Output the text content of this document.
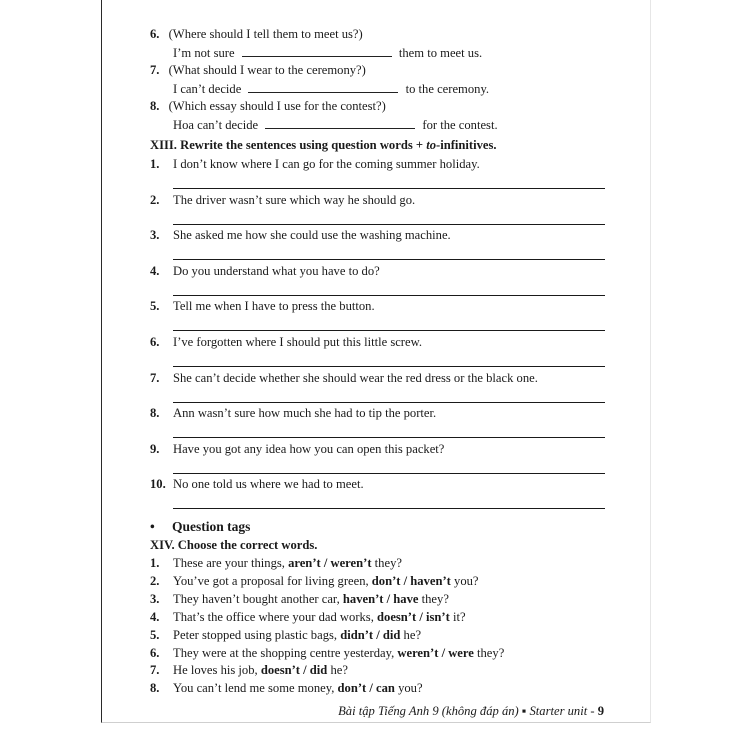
6. (Where should I tell them to meet us?)
I’m not sure	them to meet us.
7. (What should I wear to the ceremony?)
I can’t decide	to the ceremony.
8. (Which essay should I use for the contest?)
Hoa can’t decide	for the contest.
XIII. Rewrite the sentences using question words + to-infinitives.
1. I don’t know where I can go for the coming summer holiday.
2. The driver wasn’t sure which way he should go.
3. She asked me how she could use the washing machine.
4. Do you understand what you have to do?
5. Tell me when I have to press the button.
6. I’ve forgotten where I should put this little screw.
7. She can’t decide whether she should wear the red dress or the black one.
8. Ann wasn’t sure how much she had to tip the porter.
9. Have you got any idea how you can open this packet?
10. No one told us where we had to meet.
• Question tags
XIV. Choose the correct words.
1. These are your things, aren’t / weren’t they?
2. You’ve got a proposal for living green, don’t / haven’t you?
3. They haven’t bought another car, haven’t / have they?
4. That’s the office where your dad works, doesn’t / isn’t it?
5. Peter stopped using plastic bags, didn’t / did he?
6. They were at the shopping centre yesterday, weren’t / were they?
7. He loves his job, doesn’t / did he?
8. You can’t lend me some money, don’t / can you?
Bài tập Tiếng Anh 9 (không đáp án) ▪ Starter unit - 9
